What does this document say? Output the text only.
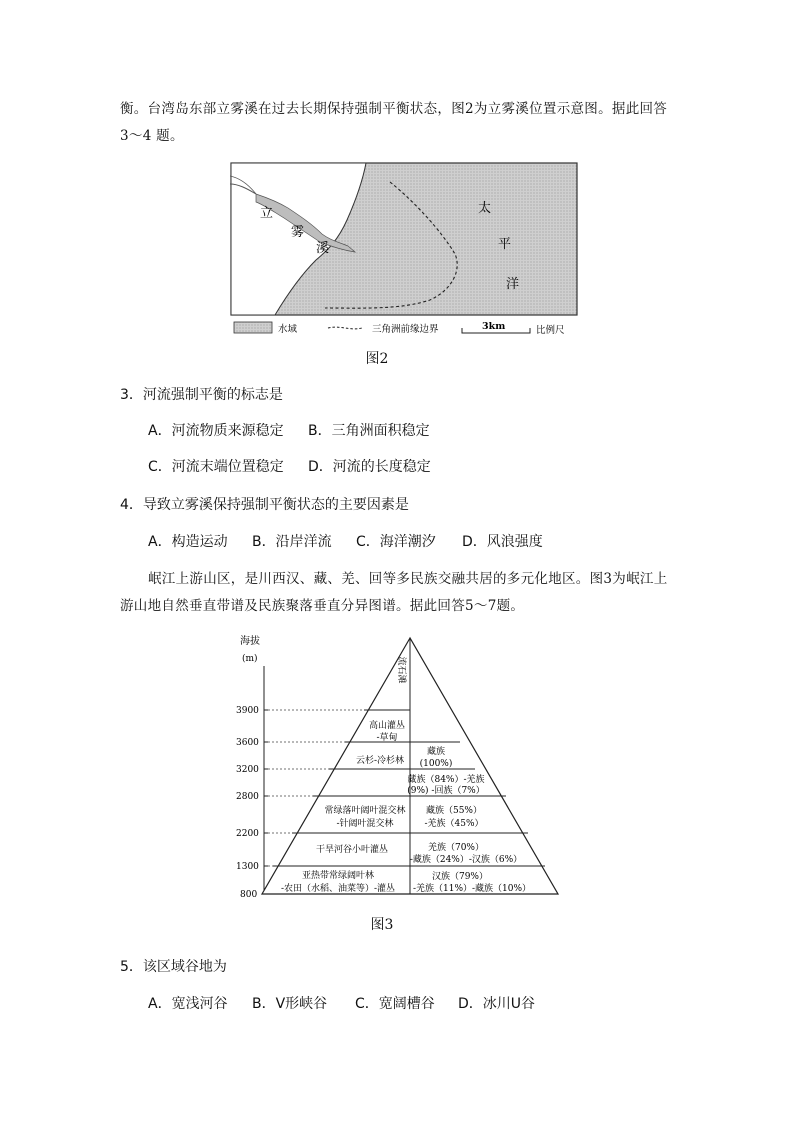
衡。台湾岛东部立雾溪在过去长期保持强制平衡状态，图2为立雾溪位置示意图。据此回答
3～4 题。
立
雾
溪
太
平
洋
水域	三角洲前缘边界	3km	比例尺
图2
3．河流强制平衡的标志是
A．河流物质来源稳定 B．三角洲面积稳定
C．河流末端位置稳定 D．河流的长度稳定
4．导致立雾溪保持强制平衡状态的主要因素是
A．构造运动 B．沿岸洋流 C．海洋潮汐 D．风浪强度
岷江上游山区，是川西汉、藏、羌、回等多民族交融共居的多元化地区。图3为岷江上
游山地自然垂直带谱及民族聚落垂直分异图谱。据此回答5～7题。
海拔
(m)
3900
3600
3200
2800
2200
1300
800
流石滩
高山灌丛
-草甸
云杉-冷杉林
常绿落叶阔叶混交林
-针阔叶混交林
干旱河谷小叶灌丛
亚热带常绿阔叶林
-农田（水稻、油菜等）-灌丛
藏族
(100%)
藏族（84%）-羌族
(9%) -回族（7%）
藏族（55%）
-羌族（45%）
羌族（70%）
-藏族（24%）-汉族（6%）
汉族（79%）
-羌族（11%）-藏族（10%）
图3
5．该区域谷地为
A．宽浅河谷 B．V形峡谷 C．宽阔槽谷 D．冰川U谷
